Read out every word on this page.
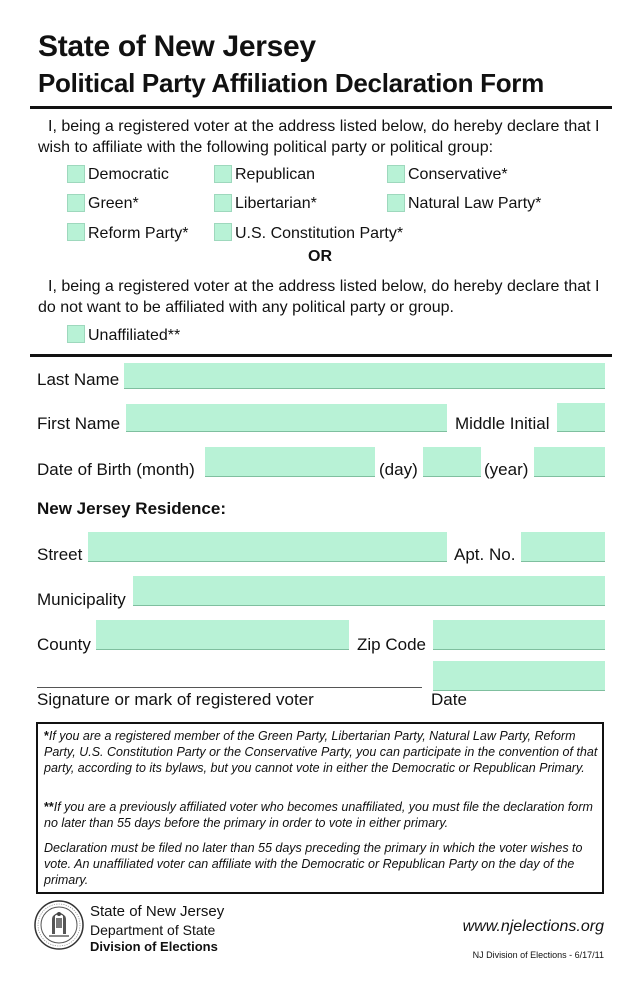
State of New Jersey
Political Party Affiliation Declaration Form
I, being a registered voter at the address listed below, do hereby declare that I wish to affiliate with the following political party or political group:
Democratic	Republican	Conservative*
Green*	Libertarian*	Natural Law Party*
Reform Party*	U.S. Constitution Party*
OR
I, being a registered voter at the address listed below, do hereby declare that I do not want to be affiliated with any political party or group.
Unaffiliated**
Last Name
First Name	Middle Initial
Date of Birth (month)	(day)	(year)
New Jersey Residence:
Street	Apt. No.
Municipality
County	Zip Code
Signature or mark of registered voter	Date
*If you are a registered member of the Green Party, Libertarian Party, Natural Law Party, Reform Party, U.S. Constitution Party or the Conservative Party, you can participate in the convention of that party, according to its bylaws, but you cannot vote in either the Democratic or Republican Primary.
**If you are a previously affiliated voter who becomes unaffiliated, you must file the declaration form no later than 55 days before the primary in order to vote in either primary.
Declaration must be filed no later than 55 days preceding the primary in which the voter wishes to vote. An unaffiliated voter can affiliate with the Democratic or Republican Party on the day of the primary.
State of New Jersey
Department of State
Division of Elections
www.njelections.org
NJ Division of Elections - 6/17/11
